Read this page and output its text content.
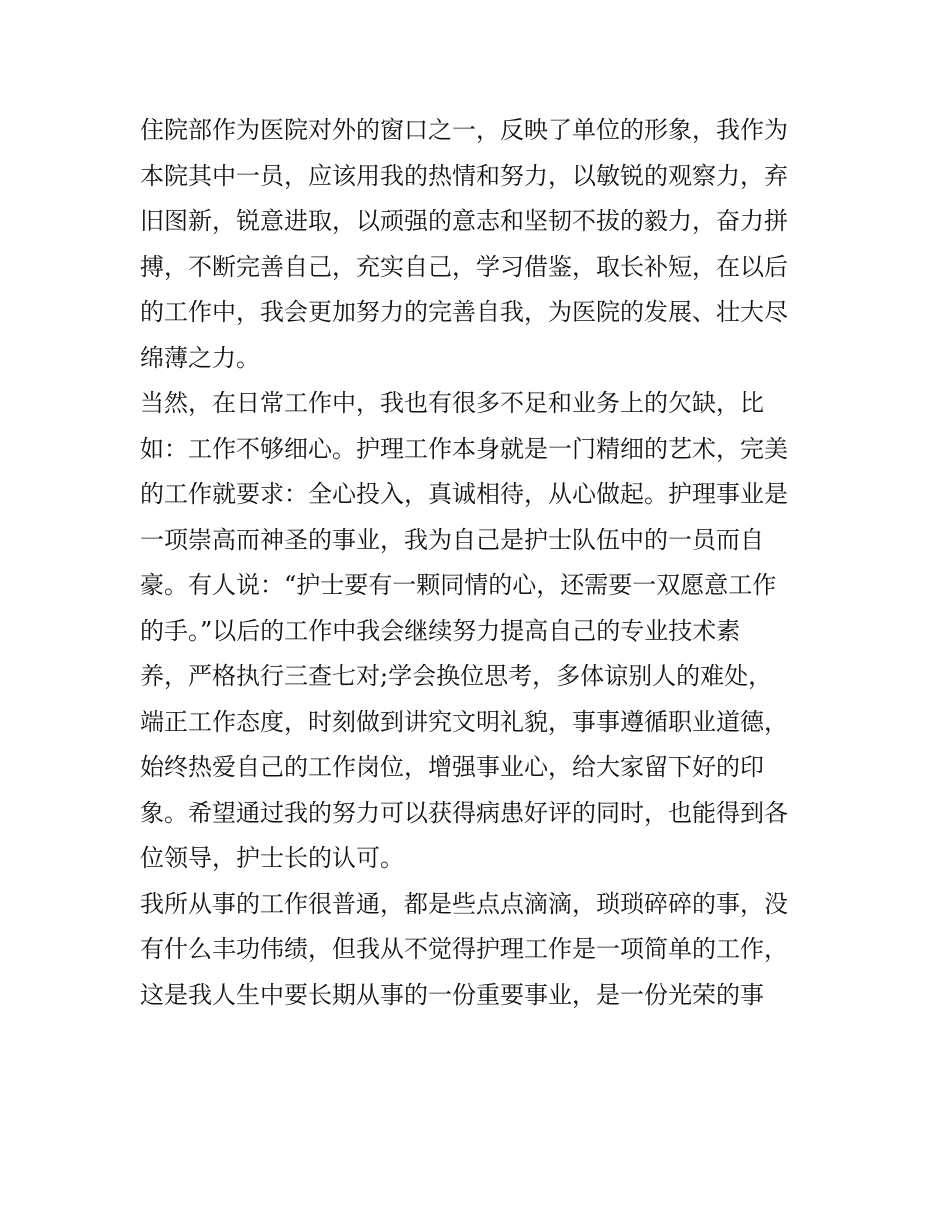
住院部作为医院对外的窗口之一，反映了单位的形象，我作为
本院其中一员，应该用我的热情和努力，以敏锐的观察力，弃
旧图新，锐意进取，以顽强的意志和坚韧不拔的毅力，奋力拼
搏，不断完善自己，充实自己，学习借鉴，取长补短，在以后
的工作中，我会更加努力的完善自我，为医院的发展、壮大尽
绵薄之力。
当然，在日常工作中，我也有很多不足和业务上的欠缺，比
如：工作不够细心。护理工作本身就是一门精细的艺术，完美
的工作就要求：全心投入，真诚相待，从心做起。护理事业是
一项崇高而神圣的事业，我为自己是护士队伍中的一员而自
豪。有人说：“护士要有一颗同情的心，还需要一双愿意工作
的手。”以后的工作中我会继续努力提高自己的专业技术素
养，严格执行三查七对;学会换位思考，多体谅别人的难处，
端正工作态度，时刻做到讲究文明礼貌，事事遵循职业道德，
始终热爱自己的工作岗位，增强事业心，给大家留下好的印
象。希望通过我的努力可以获得病患好评的同时，也能得到各
位领导，护士长的认可。
我所从事的工作很普通，都是些点点滴滴，琐琐碎碎的事，没
有什么丰功伟绩，但我从不觉得护理工作是一项简单的工作，
这是我人生中要长期从事的一份重要事业，是一份光荣的事
